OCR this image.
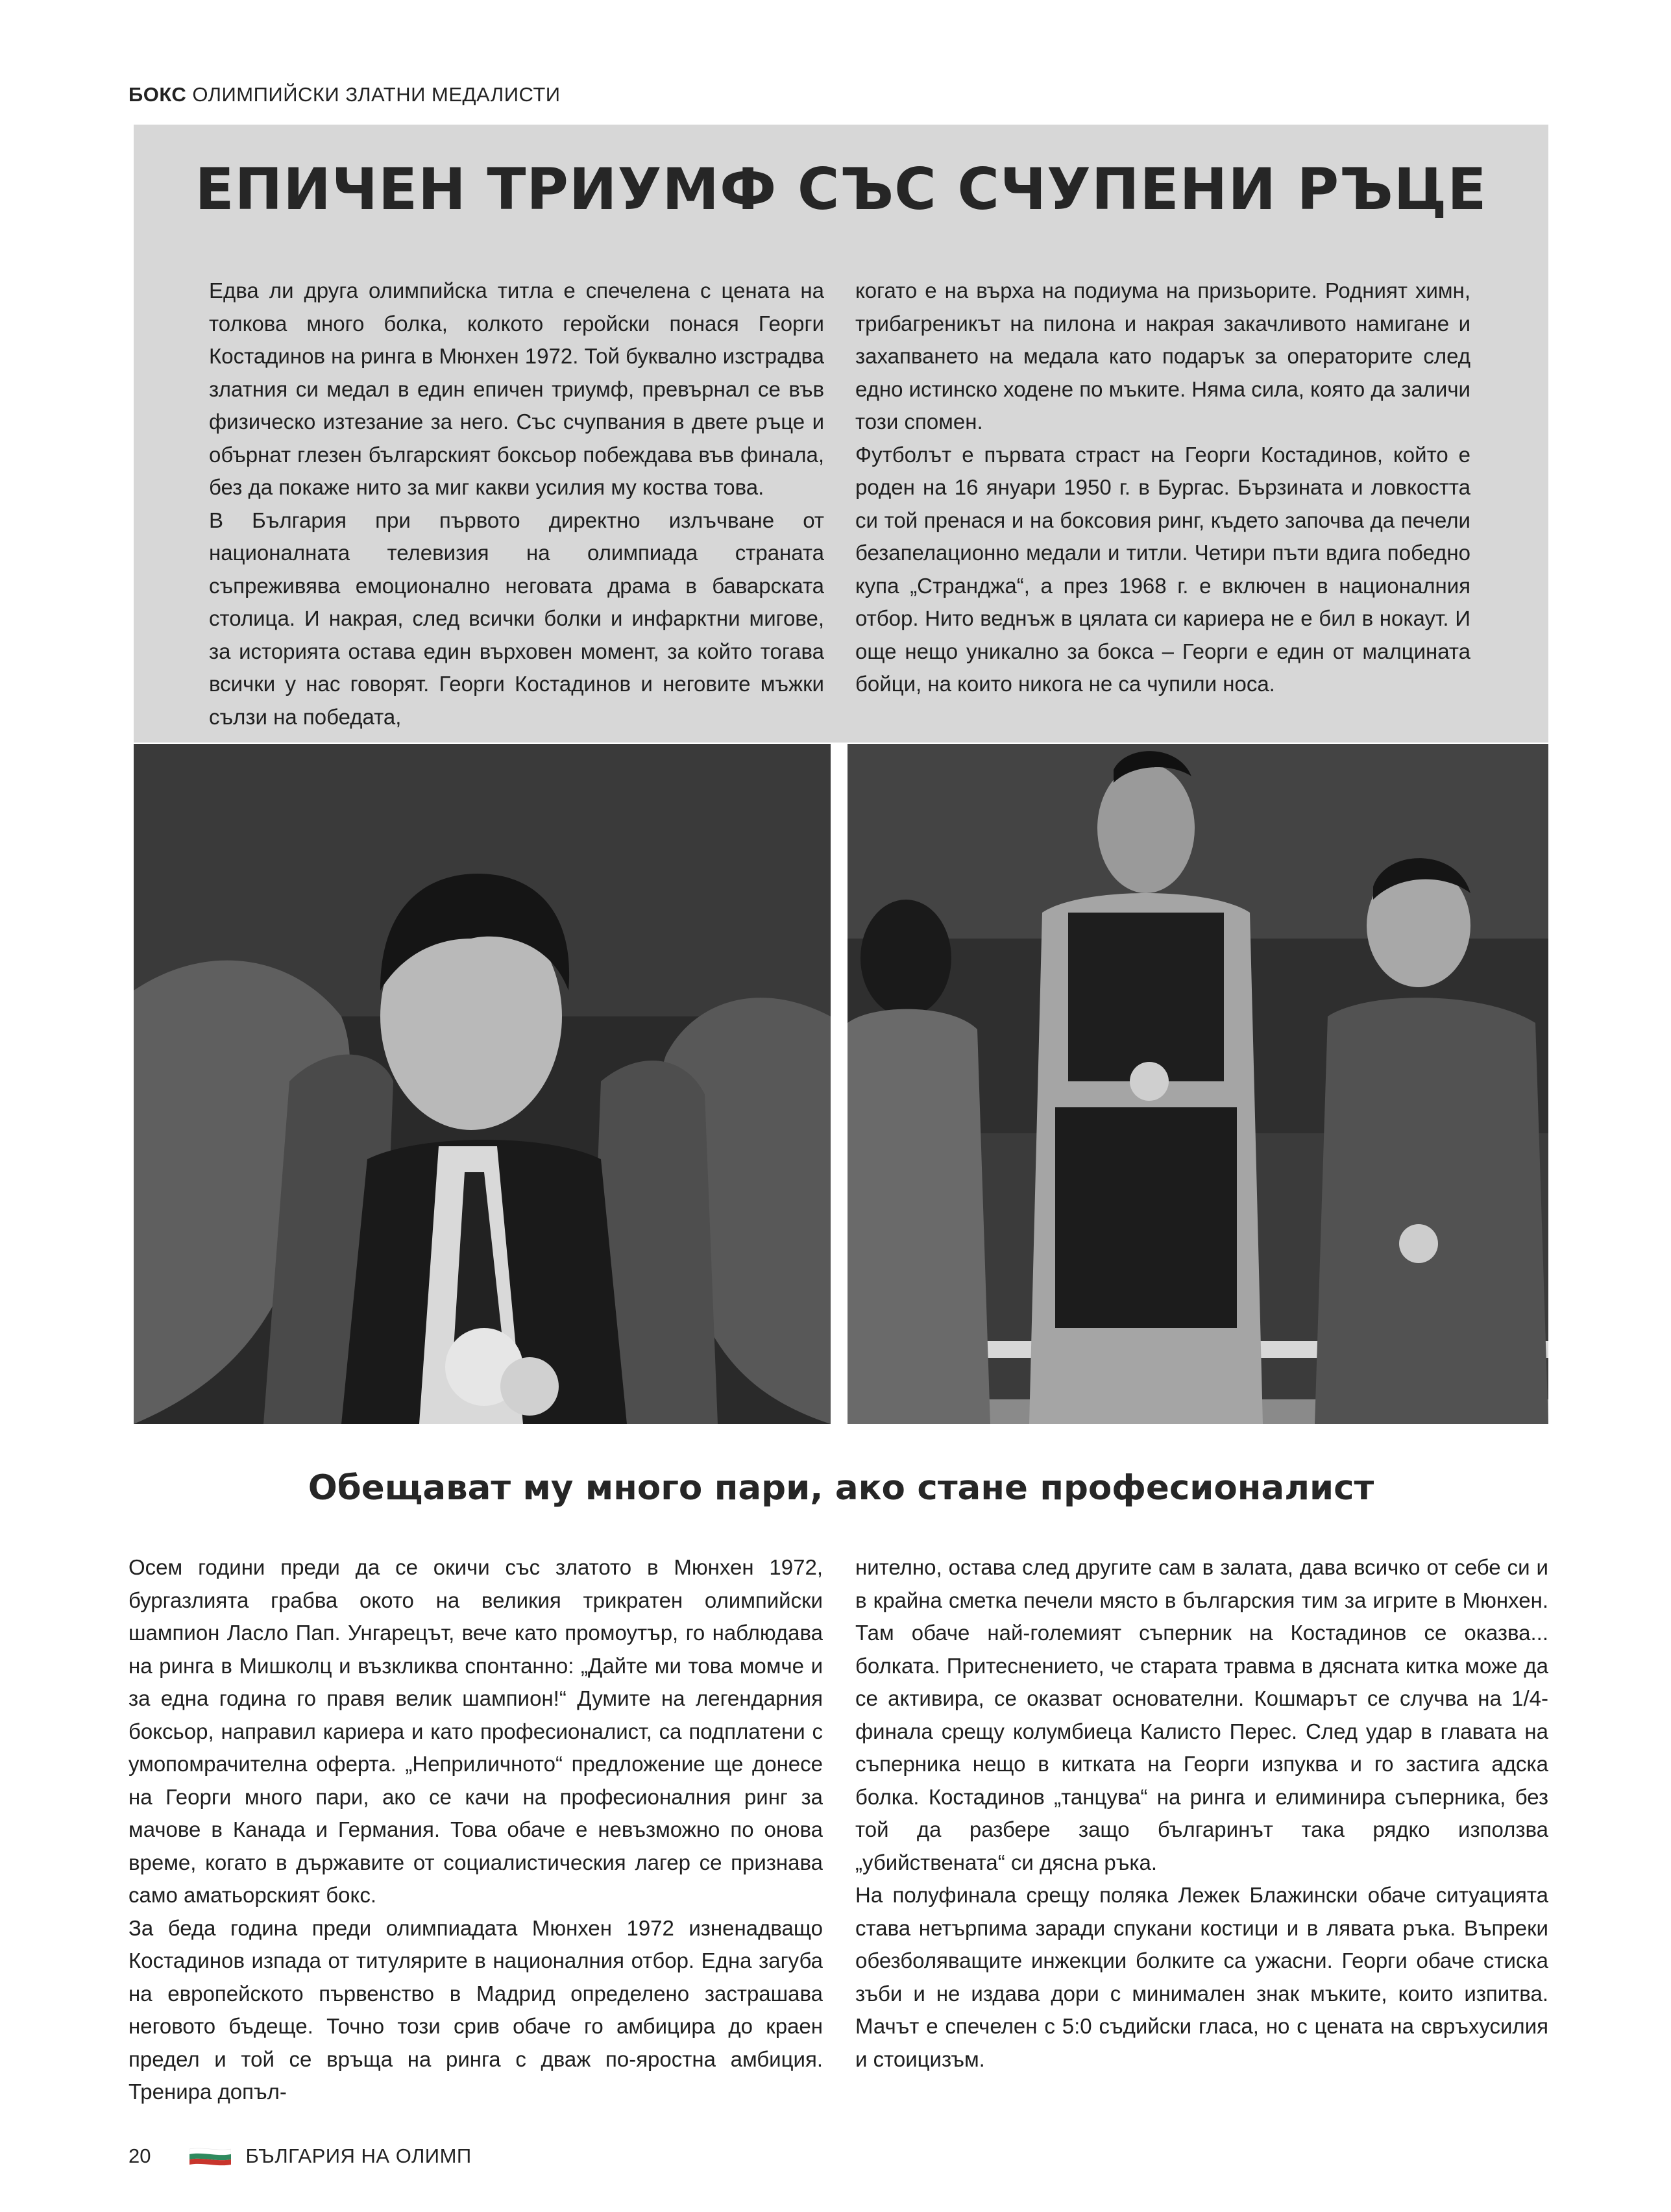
БОКС ОЛИМПИЙСКИ ЗЛАТНИ МЕДАЛИСТИ
ЕПИЧЕН ТРИУМФ СЪС СЧУПЕНИ РЪЦЕ

Едва ли друга олимпийска титла е спечелена с цената на толкова много болка, колкото геройски понася Георги Костадинов на ринга в Мюнхен 1972. Той буквално изстрадва златния си медал в един епичен триумф, превърнал се във физическо изтезание за него. Със счупвания в двете ръце и обърнат глезен българският боксьор побеждава във финала, без да покаже нито за миг какви усилия му коства това.

В България при първото директно излъчване от националната телевизия на олимпиада страната съпреживява емоционално неговата драма в баварската столица. И накрая, след всички болки и инфарктни мигове, за историята остава един върховен момент, за който тогава всички у нас говорят. Георги Костадинов и неговите мъжки сълзи на победата,

когато е на върха на подиума на призьорите. Родният химн, трибагреникът на пилона и накрая закачливото намигане и захапването на медала като подарък за операторите след едно истинско ходене по мъките. Няма сила, която да заличи този спомен.

Футболът е първата страст на Георги Костадинов, който е роден на 16 януари 1950 г. в Бургас. Бързината и ловкостта си той пренася и на боксовия ринг, където започва да печели безапелационно медали и титли. Четири пъти вдига победно купа „Странджа“, а през 1968 г. е включен в националния отбор. Нито веднъж в цялата си кариера не е бил в нокаут. И още нещо уникално за бокса – Георги е един от малцината бойци, на които никога не са чупили носа.

Обещават му много пари, ако стане професионалист

Осем години преди да се окичи със златото в Мюнхен 1972, бургазлията грабва окото на великия трикратен олимпийски шампион Ласло Пап. Унгарецът, вече като промоутър, го наблюдава на ринга в Мишколц и възкликва спонтанно: „Дайте ми това момче и за една година го правя велик шампион!“ Думите на легендарния боксьор, направил кариера и като професионалист, са подплатени с умопомрачителна оферта. „Неприличното“ предложение ще донесе на Георги много пари, ако се качи на професионалния ринг за мачове в Канада и Германия. Това обаче е невъзможно по онова време, когато в държавите от социалистическия лагер се признава само аматьорският бокс.

За беда година преди олимпиадата Мюнхен 1972 изненадващо Костадинов изпада от титулярите в националния отбор. Една загуба на европейското първенство в Мадрид определено застрашава неговото бъдеще. Точно този срив обаче го амбицира до краен предел и той се връща на ринга с дваж по-яростна амбиция. Тренира допъл-

нително, остава след другите сам в залата, дава всичко от себе си и в крайна сметка печели място в българския тим за игрите в Мюнхен. Там обаче най-големият съперник на Костадинов се оказва... болката. Притеснението, че старата травма в дясната китка може да се активира, се оказват основателни. Кошмарът се случва на 1/4-финала срещу колумбиеца Калисто Перес. След удар в главата на съперника нещо в китката на Георги изпуква и го застига адска болка. Костадинов „танцува“ на ринга и елиминира съперника, без той да разбере защо българинът така рядко използва „убийствената“ си дясна ръка.

На полуфинала срещу поляка Лежек Блажински обаче ситуацията става нетърпима заради спукани костици и в лявата ръка. Въпреки обезболяващите инжекции болките са ужасни. Георги обаче стиска зъби и не издава дори с минимален знак мъките, които изпитва. Мачът е спечелен с 5:0 съдийски гласа, но с цената на свръхусилия и стоицизъм.

20	БЪЛГАРИЯ НА ОЛИМП
